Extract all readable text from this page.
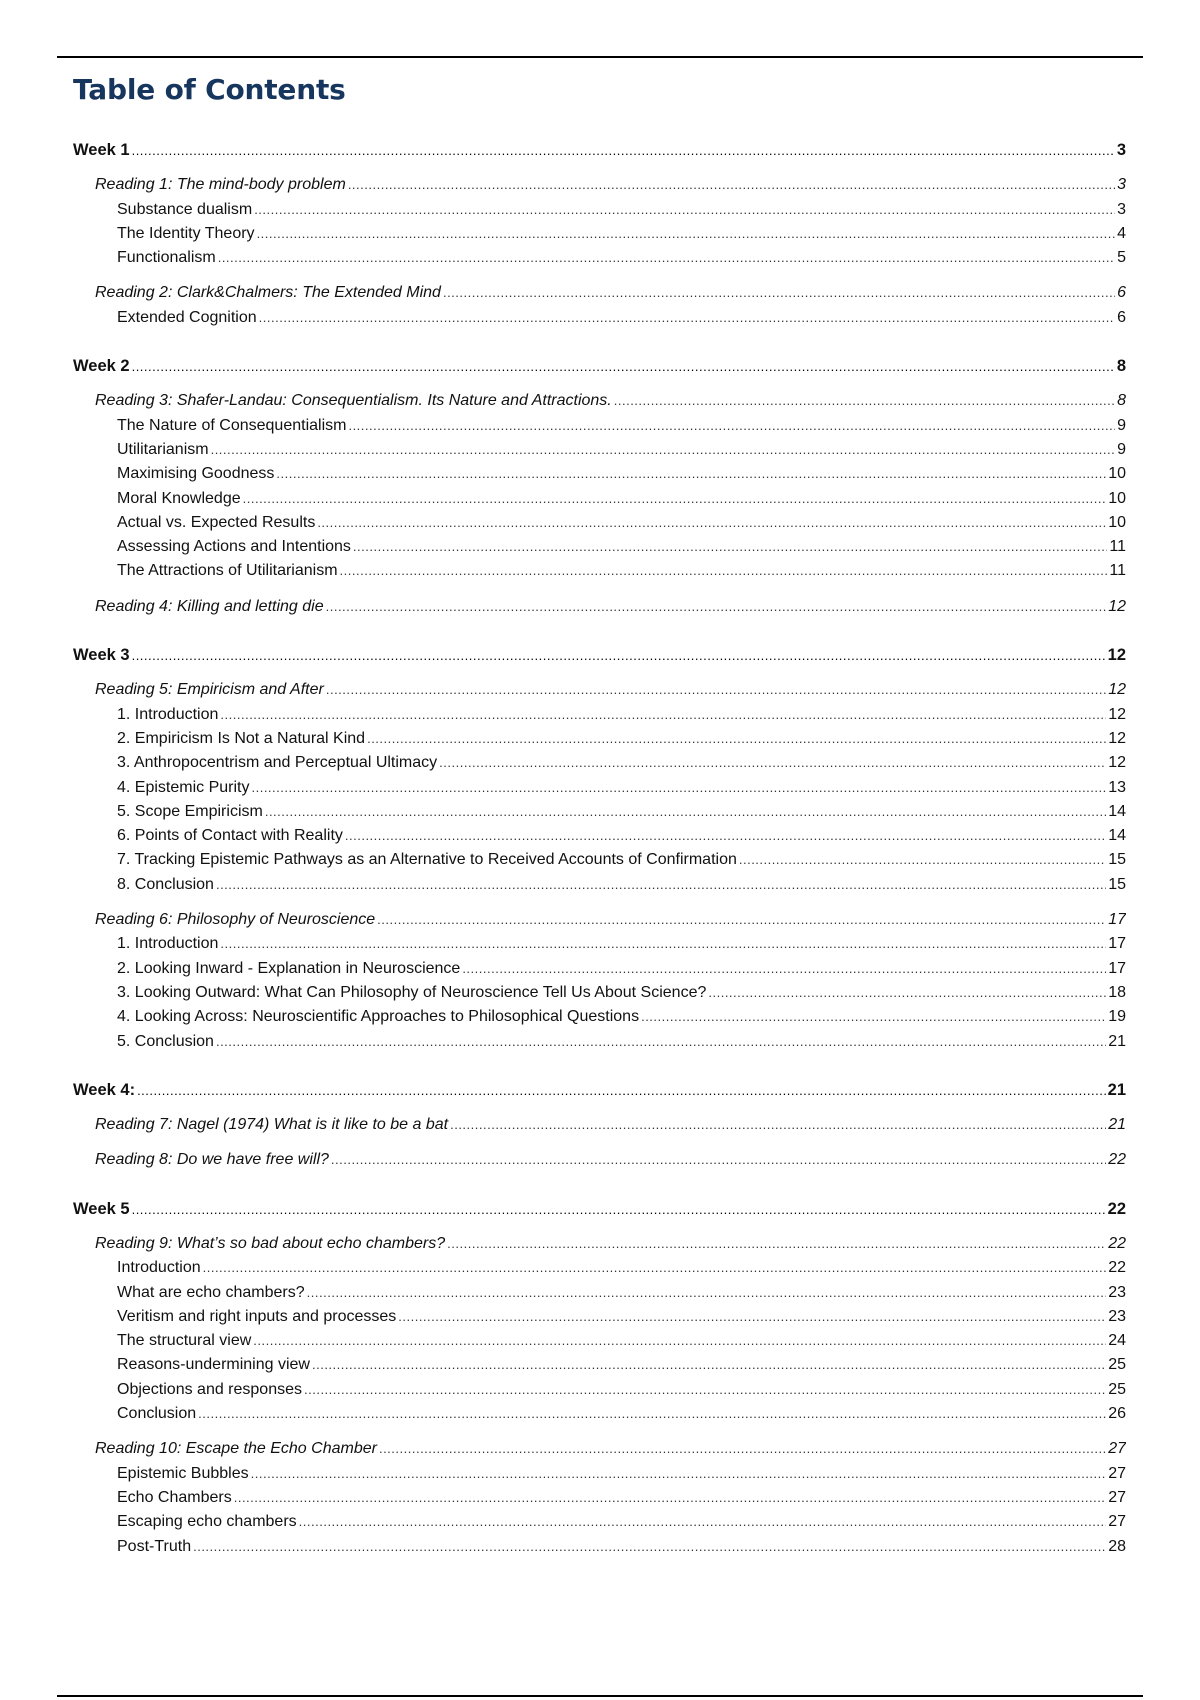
Table of Contents
Week 1 .....	3
Reading 1: The mind-body problem .....	3
Substance dualism .....	3
The Identity Theory .....	4
Functionalism .....	5
Reading 2: Clark&Chalmers: The Extended Mind .....	6
Extended Cognition .....	6
Week 2 .....	8
Reading 3: Shafer-Landau: Consequentialism. Its Nature and Attractions. .....	8
The Nature of Consequentialism .....	9
Utilitarianism .....	9
Maximising Goodness .....	10
Moral Knowledge .....	10
Actual vs. Expected Results .....	10
Assessing Actions and Intentions .....	11
The Attractions of Utilitarianism .....	11
Reading 4: Killing and letting die .....	12
Week 3 .....	12
Reading 5: Empiricism and After .....	12
1. Introduction .....	12
2. Empiricism Is Not a Natural Kind .....	12
3. Anthropocentrism and Perceptual Ultimacy .....	12
4. Epistemic Purity .....	13
5. Scope Empiricism .....	14
6. Points of Contact with Reality .....	14
7. Tracking Epistemic Pathways as an Alternative to Received Accounts of Confirmation .....	15
8. Conclusion .....	15
Reading 6: Philosophy of Neuroscience .....	17
1. Introduction .....	17
2. Looking Inward - Explanation in Neuroscience .....	17
3. Looking Outward: What Can Philosophy of Neuroscience Tell Us About Science? .....	18
4. Looking Across: Neuroscientific Approaches to Philosophical Questions .....	19
5. Conclusion .....	21
Week 4: .....	21
Reading 7: Nagel (1974) What is it like to be a bat .....	21
Reading 8: Do we have free will? .....	22
Week 5 .....	22
Reading 9: What’s so bad about echo chambers? .....	22
Introduction .....	22
What are echo chambers? .....	23
Veritism and right inputs and processes .....	23
The structural view .....	24
Reasons-undermining view .....	25
Objections and responses .....	25
Conclusion .....	26
Reading 10: Escape the Echo Chamber .....	27
Epistemic Bubbles .....	27
Echo Chambers .....	27
Escaping echo chambers .....	27
Post-Truth .....	28
